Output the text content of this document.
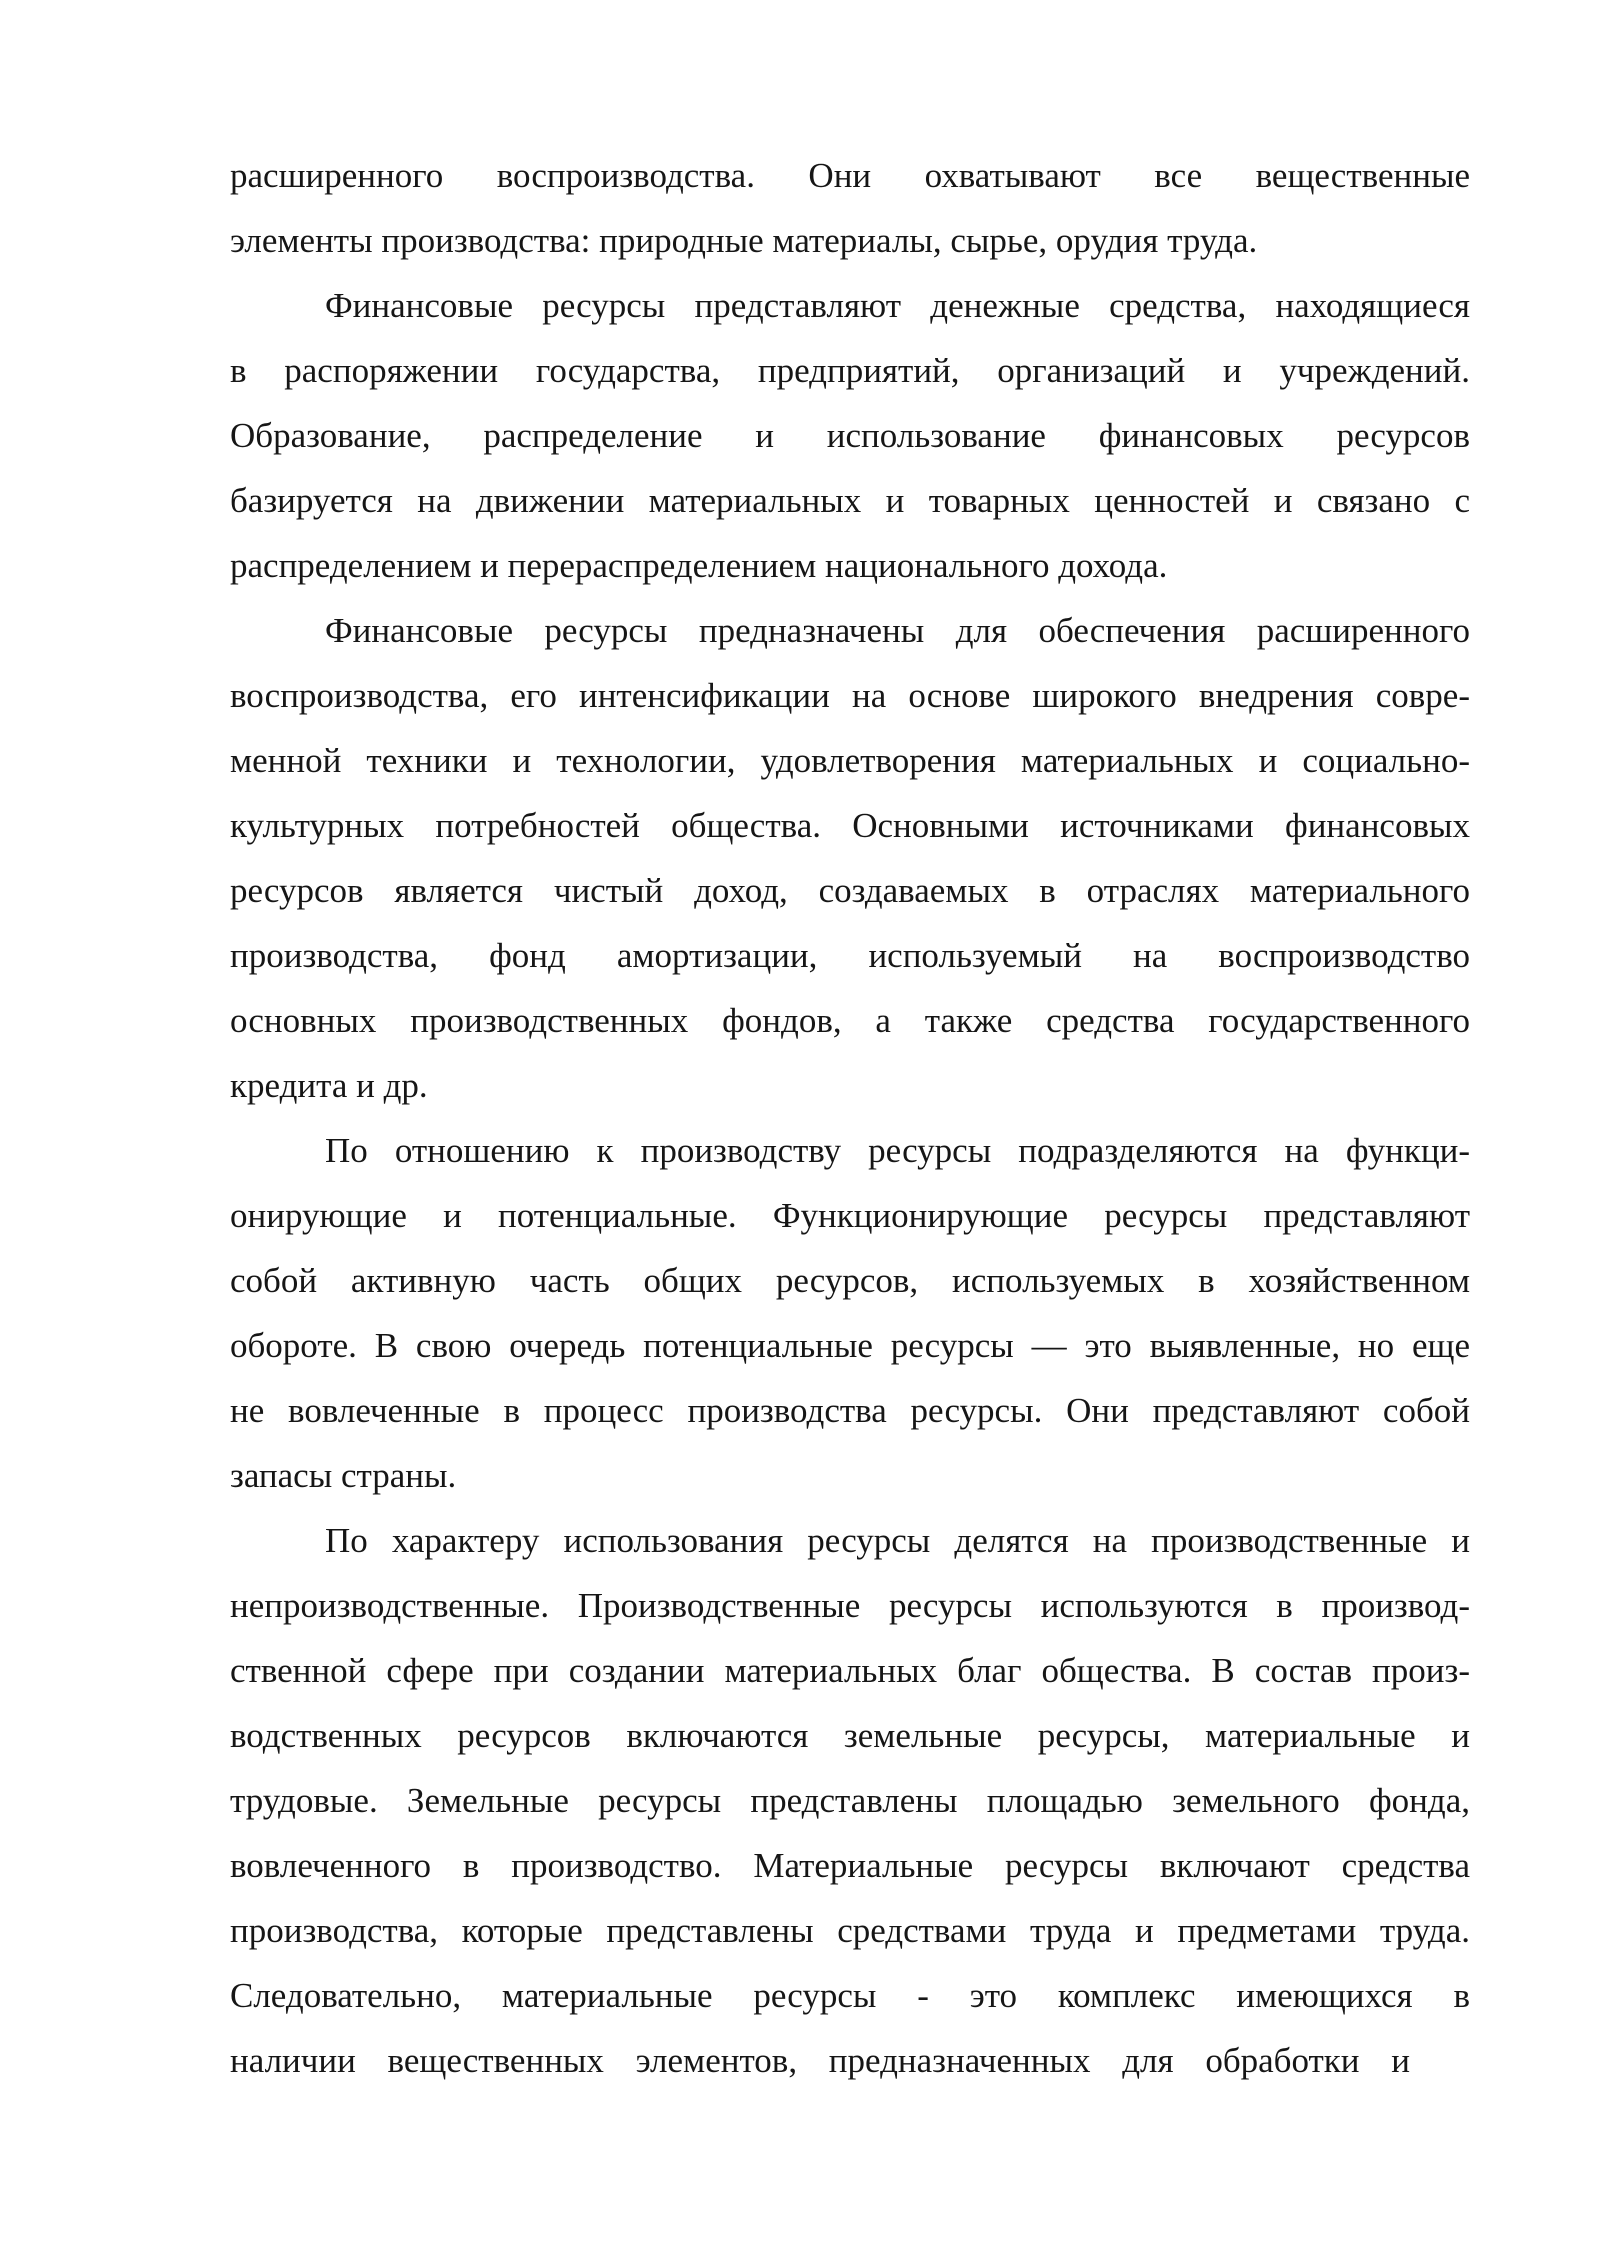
расширенного воспроизводства. Они охватывают все вещественные
элементы производства: природные материалы, сырье, орудия труда.
Финансовые ресурсы представляют денежные средства, находящиеся
в распоряжении государства, предприятий, организаций и учреждений.
Образование, распределение и использование финансовых ресурсов
базируется на движении материальных и товарных ценностей и связано с
распределением и перераспределением национального дохода.
Финансовые ресурсы предназначены для обеспечения расширенного
воспроизводства, его интенсификации на основе широкого внедрения совре-
менной техники и технологии, удовлетворения материальных и социально-
культурных потребностей общества. Основными источниками финансовых
ресурсов является чистый доход, создаваемых в отраслях материального
производства, фонд амортизации, используемый на воспроизводство
основных производственных фондов, а также средства государственного
кредита и др.
По отношению к производству ресурсы подразделяются на функци-
онирующие и потенциальные. Функционирующие ресурсы представляют
собой активную часть общих ресурсов, используемых в хозяйственном
обороте. В свою очередь потенциальные ресурсы — это выявленные, но еще
не вовлеченные в процесс производства ресурсы. Они представляют собой
запасы страны.
По характеру использования ресурсы делятся на производственные и
непроизводственные. Производственные ресурсы используются в производ-
ственной сфере при создании материальных благ общества. В состав произ-
водственных ресурсов включаются земельные ресурсы, материальные и
трудовые. Земельные ресурсы представлены площадью земельного фонда,
вовлеченного в производство. Материальные ресурсы включают средства
производства, которые представлены средствами труда и предметами труда.
Следовательно, материальные ресурсы - это комплекс имеющихся в
наличии вещественных элементов, предназначенных для обработки и
